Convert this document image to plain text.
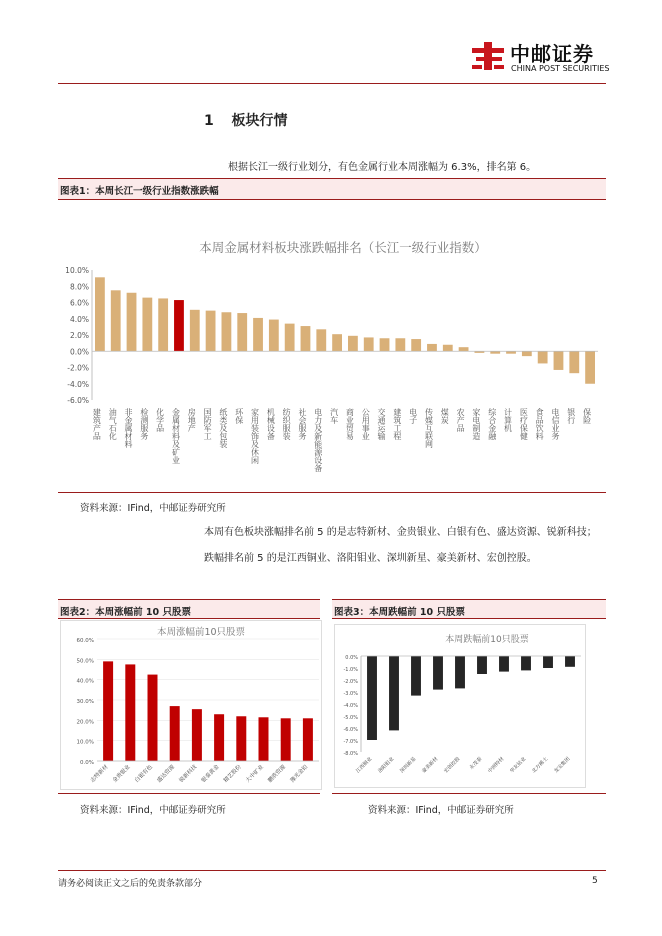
中邮证券
CHINA POST SECURITIES
1 板块行情
根据长江一级行业划分，有色金属行业本周涨幅为 6.3%，排名第 6。
图表1：本周长江一级行业指数涨跌幅
本周金属材料板块涨跌幅排名（长江一级行业指数）
10.0%
8.0%
6.0%
4.0%
2.0%
0.0%
-2.0%
-4.0%
-6.0%
建筑产品 油气石化 非金属材料 检测服务 化学品 金属材料及矿业 房地产 国防军工 纸类及包装 环保 家用装饰及休闲 机械设备 纺织服装 社会服务 电力及新能源设备 汽车 商业贸易 公用事业 交通运输 建筑工程 电子 传媒互联网 煤炭 农产品 家电制造 综合金融 计算机 医疗保健 食品饮料 电信业务 银行 保险
资料来源：IFind，中邮证券研究所
本周有色板块涨幅排名前 5 的是志特新材、金贵银业、白银有色、盛达资源、锐新科技；跌幅排名前 5 的是江西铜业、洛阳钼业、深圳新星、豪美新材、宏创控股。
图表2：本周涨幅前 10 只股票	图表3：本周跌幅前 10 只股票
本周涨幅前10只股票
60.0%
50.0%
40.0%
30.0%
20.0%
10.0%
0.0%
志特新材 金贵银业 白银有色 盛达资源 锐新科技 银泰黄金 精艺股份 大中矿业 鹏欣资源 豫光金铅
本周跌幅前10只股票
0.0%
-1.0%
-2.0%
-3.0%
-4.0%
-5.0%
-6.0%
-7.0%
-8.0%
江西铜业 洛阳钼业 深圳新星 豪美新材 宏创控股 永茂泰 中洲特材 华友钴业 北方稀土 龙宝集团
资料来源：IFind，中邮证券研究所	资料来源：IFind，中邮证券研究所
请务必阅读正文之后的免责条款部分	5
